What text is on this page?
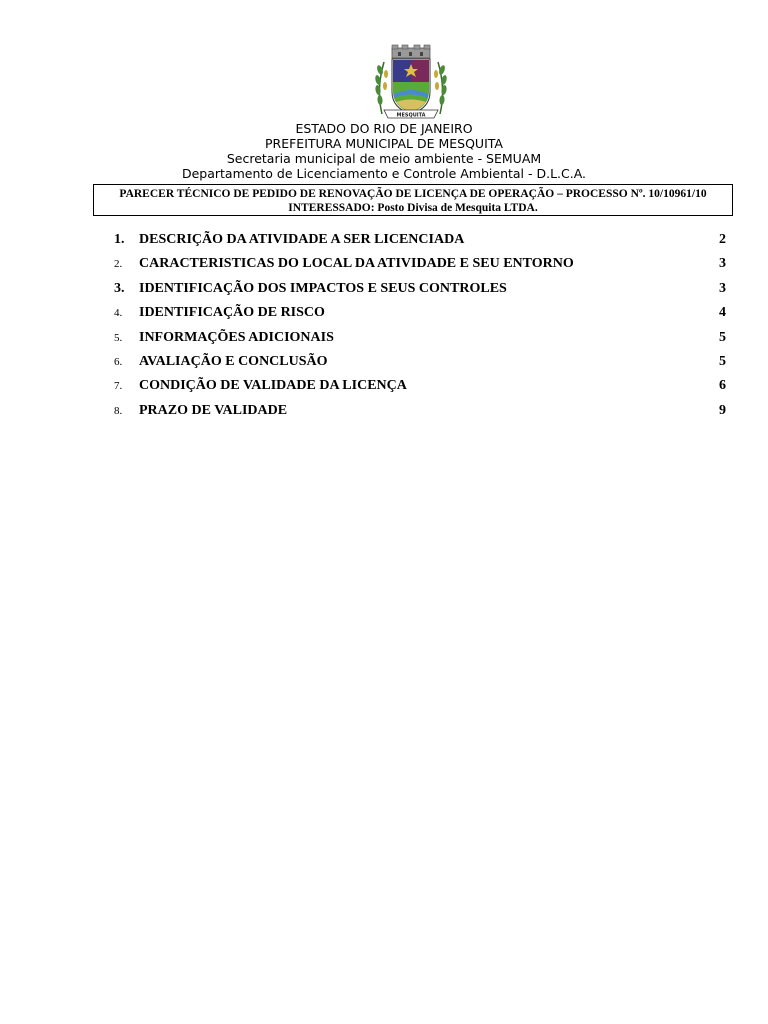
MESQUITA
ESTADO DO RIO DE JANEIRO
PREFEITURA MUNICIPAL DE MESQUITA
Secretaria municipal de meio ambiente - SEMUAM
Departamento de Licenciamento e Controle Ambiental - D.L.C.A.
PARECER TÉCNICO DE PEDIDO DE RENOVAÇÃO DE LICENÇA DE OPERAÇÃO – PROCESSO Nº. 10/10961/10
INTERESSADO: Posto Divisa de Mesquita LTDA.
1. DESCRIÇÃO DA ATIVIDADE A SER LICENCIADA	2
2. CARACTERISTICAS DO LOCAL DA ATIVIDADE E SEU ENTORNO	3
3. IDENTIFICAÇÃO DOS IMPACTOS E SEUS CONTROLES	3
4. IDENTIFICAÇÃO DE RISCO	4
5. INFORMAÇÕES ADICIONAIS	5
6. AVALIAÇÃO E CONCLUSÃO	5
7. CONDIÇÃO DE VALIDADE DA LICENÇA	6
8. PRAZO DE VALIDADE	9
